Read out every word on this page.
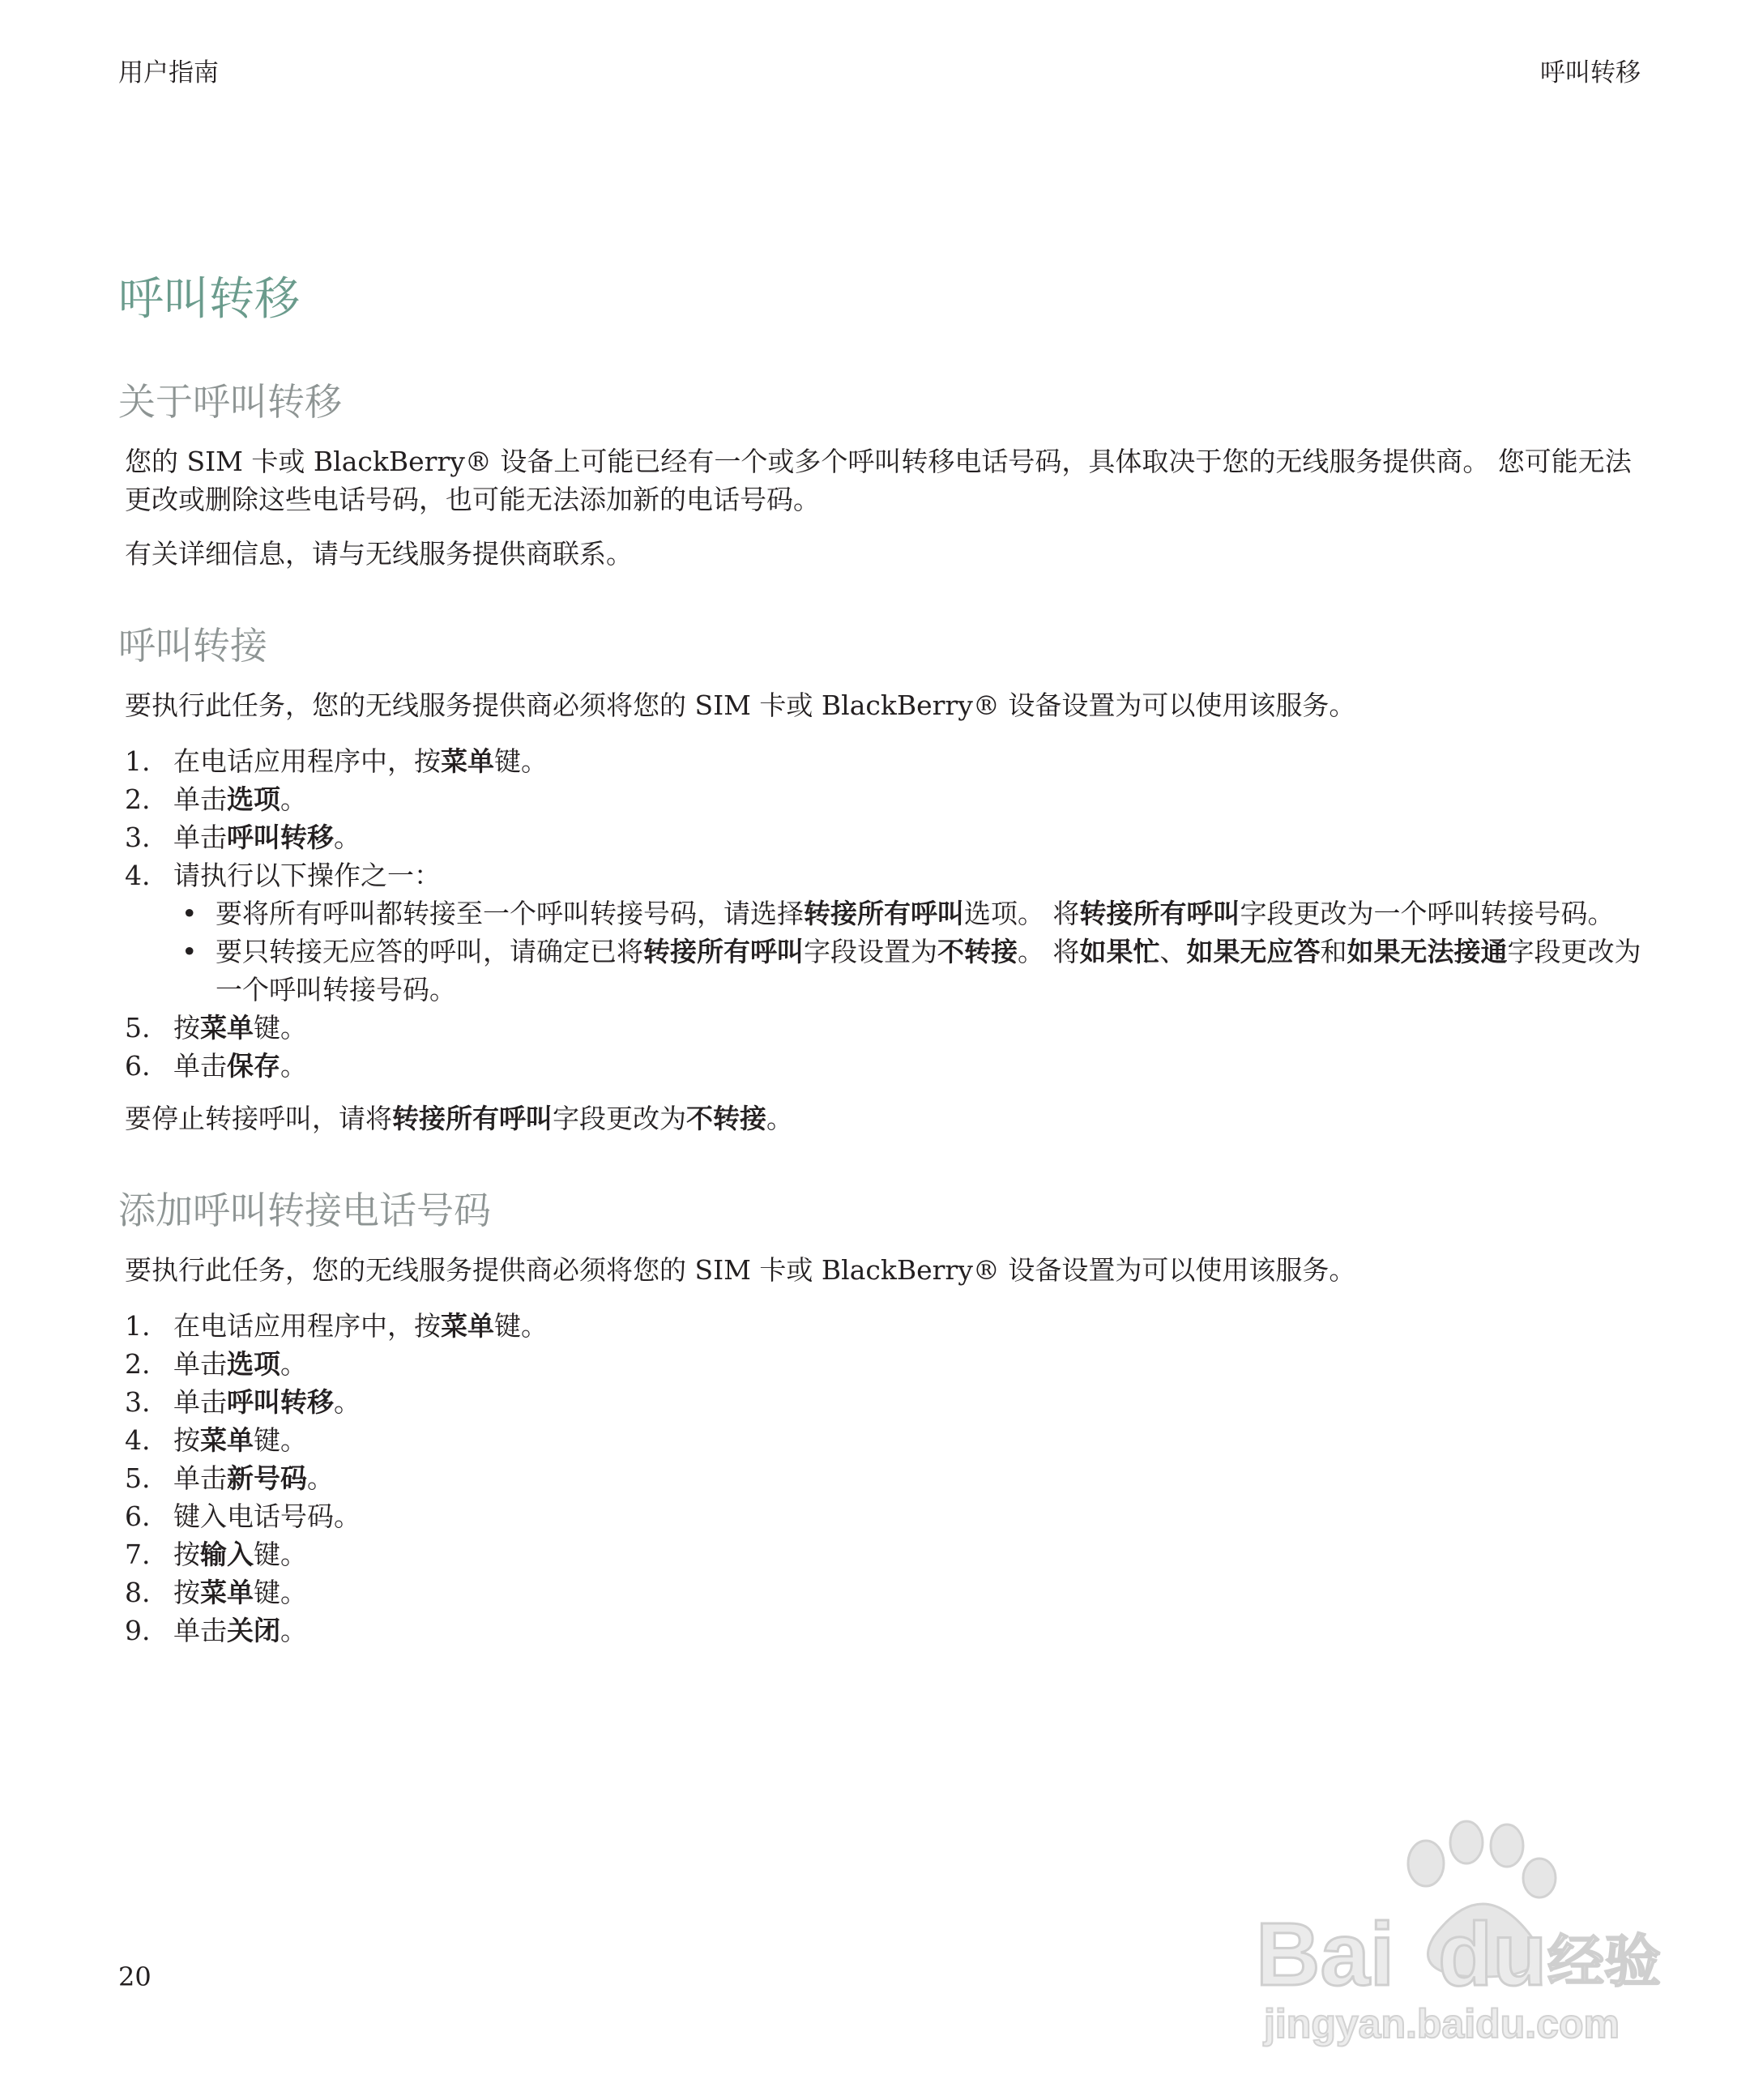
用户指南	呼叫转移
呼叫转移
关于呼叫转移

您的 SIM 卡或 BlackBerry® 设备上可能已经有一个或多个呼叫转移电话号码，具体取决于您的无线服务提供商。 您可能无法更改或删除这些电话号码，也可能无法添加新的电话号码。

有关详细信息，请与无线服务提供商联系。

呼叫转接

要执行此任务，您的无线服务提供商必须将您的 SIM 卡或 BlackBerry® 设备设置为可以使用该服务。

1. 在电话应用程序中，按菜单键。
2. 单击选项。
3. 单击呼叫转移。
4. 请执行以下操作之一：
• 要将所有呼叫都转接至一个呼叫转接号码，请选择转接所有呼叫选项。 将转接所有呼叫字段更改为一个呼叫转接号码。
• 要只转接无应答的呼叫，请确定已将转接所有呼叫字段设置为不转接。 将如果忙、如果无应答和如果无法接通字段更改为一个呼叫转接号码。
5. 按菜单键。
6. 单击保存。

要停止转接呼叫，请将转接所有呼叫字段更改为不转接。

添加呼叫转接电话号码

要执行此任务，您的无线服务提供商必须将您的 SIM 卡或 BlackBerry® 设备设置为可以使用该服务。

1. 在电话应用程序中，按菜单键。
2. 单击选项。
3. 单击呼叫转移。
4. 按菜单键。
5. 单击新号码。
6. 键入电话号码。
7. 按输入键。
8. 按菜单键。
9. 单击关闭。
20	Bai du 经验
jingyan.baidu.com
